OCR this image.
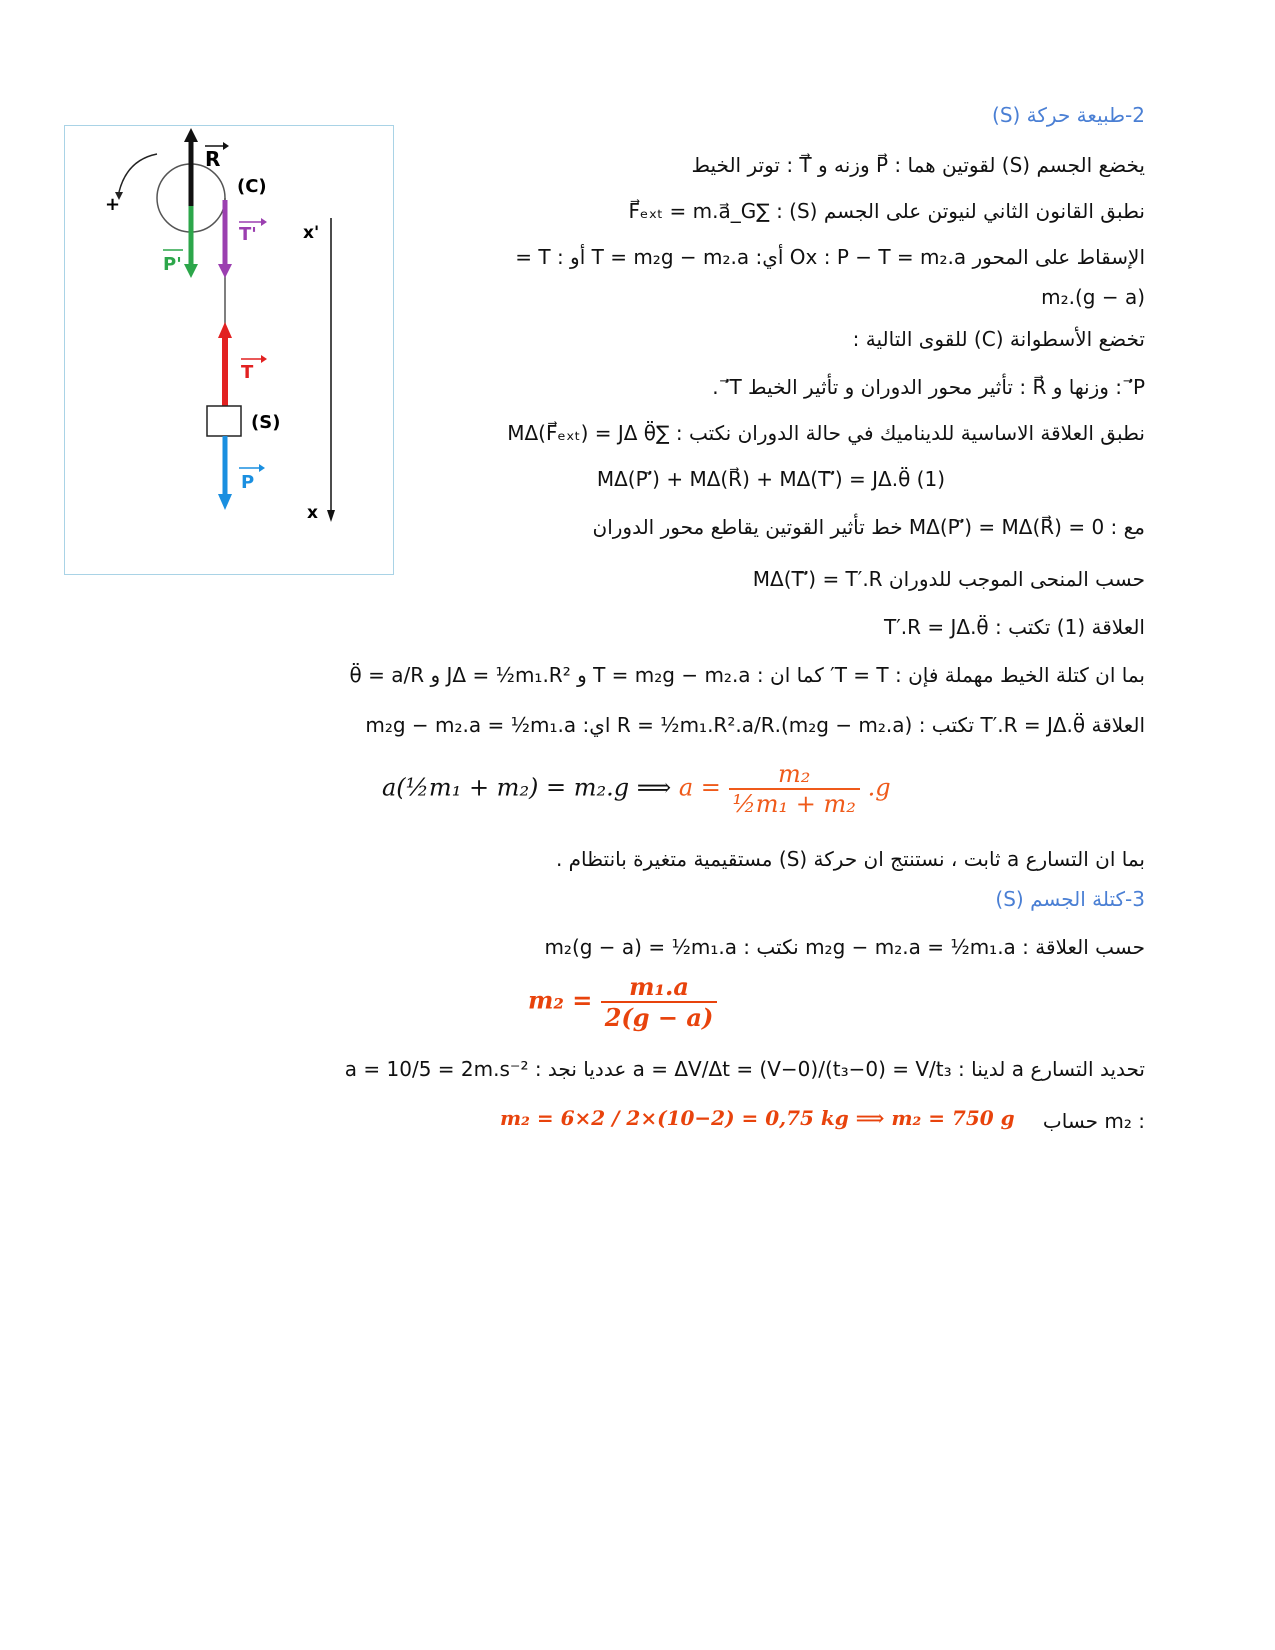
+
R
P'
(C)
T'
T
(S)
P
x'
x
2-طبيعة حركة (S)
يخضع الجسم (S) لقوتين هما : P⃗ وزنه و T⃗ : توتر الخيط
نطبق القانون الثاني لنيوتن على الجسم (S) : ∑F⃗ₑₓₜ = m.a⃗_G
الإسقاط على المحور Ox : P − T = m₂.a أي: T = m₂g − m₂.a أو : T =
m₂.(g − a)
تخضع الأسطوانة (C) للقوى التالية :
P′⃗ : وزنها و R⃗ : تأثير محور الدوران و تأثير الخيط T′⃗ .
نطبق العلاقة الاساسية للديناميك في حالة الدوران نكتب : ∑MΔ(F⃗ₑₓₜ) = JΔ θ̈
MΔ(P′⃗) + MΔ(R⃗) + MΔ(T′⃗) = JΔ.θ̈ (1)
مع : MΔ(P′⃗) = MΔ(R⃗) = 0 خط تأثير القوتين يقاطع محور الدوران
حسب المنحى الموجب للدوران MΔ(T′⃗) = T′.R
العلاقة (1) تكتب : T′.R = JΔ.θ̈
بما ان كتلة الخيط مهملة فإن : T = T′ كما ان : T = m₂g − m₂.a و JΔ = ½m₁.R² و θ̈ = a/R
العلاقة T′.R = JΔ.θ̈ تكتب : (m₂g − m₂.a).R = ½m₁.R².a/R اي: m₂g − m₂.a = ½m₁.a
a(½m₁ + m₂) = m₂.g ⟹ $a = \frac{\text{m₂}}{\text{½m₁ + m₂}} .g$
بما ان التسارع a ثابت ، نستنتج ان حركة (S) مستقيمية متغيرة بانتظام .
3-كتلة الجسم (S)
حسب العلاقة : m₂g − m₂.a = ½m₁.a نكتب : m₂(g − a) = ½m₁.a
$m_2 = \frac{\text{m₁.a}}{2(g - a)}$
تحديد التسارع a لدينا : a = ΔV/Δt = (V−0)/(t₃−0) = V/t₃ عدديا نجد : a = 10/5 = 2m.s⁻²
: m₂ حساب
m₂ = 6×2 / 2×(10−2) = 0,75 kg ⟹ m₂ = 750 g
